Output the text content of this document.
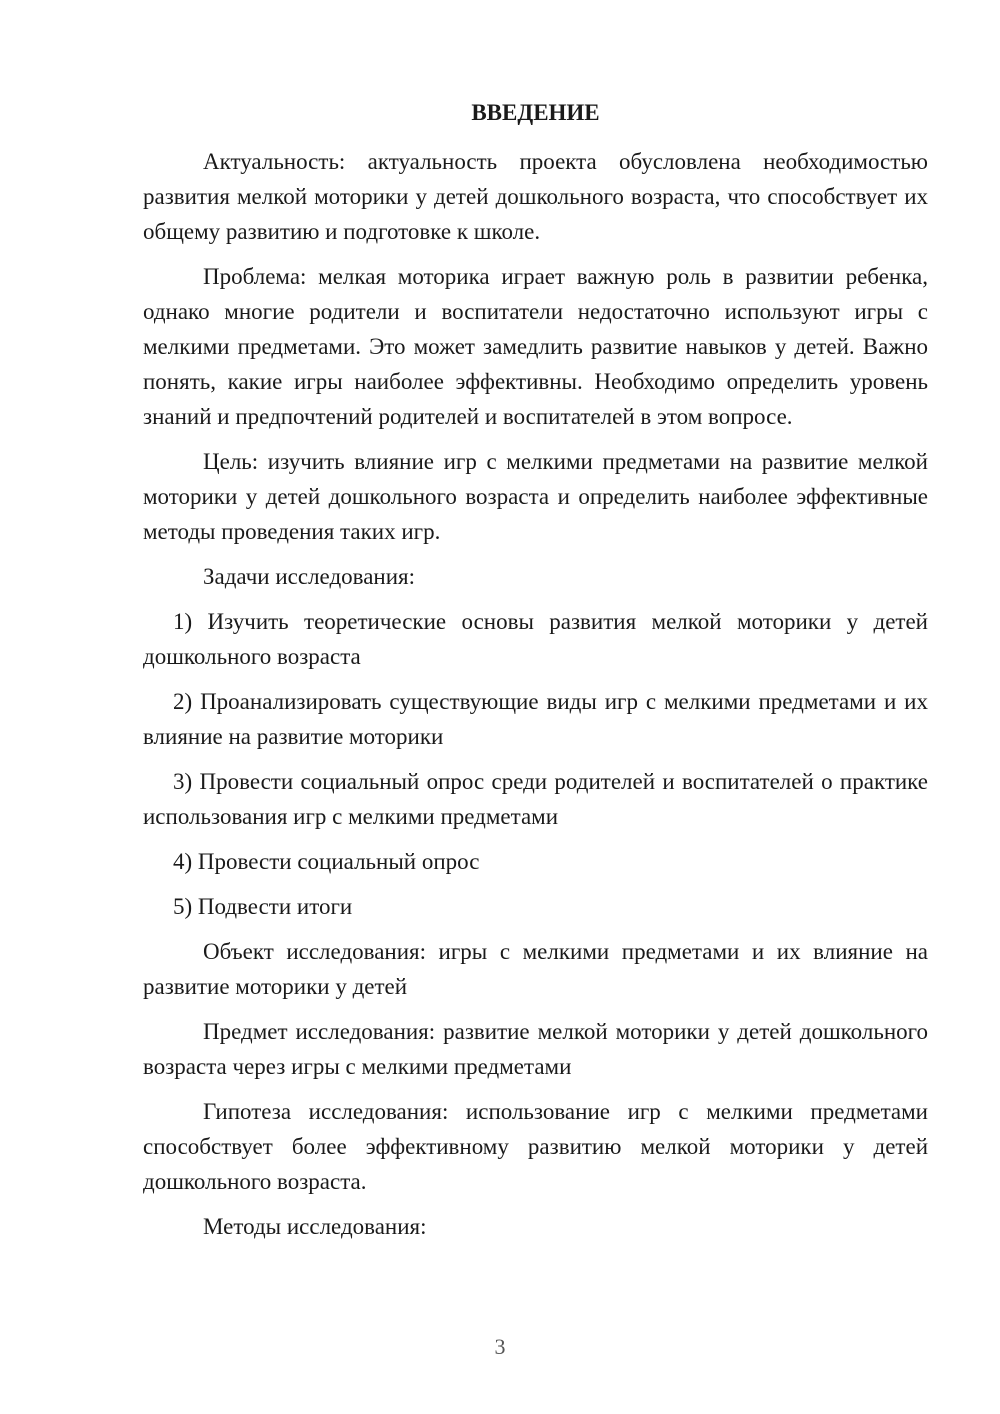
ВВЕДЕНИЕ

Актуальность: актуальность проекта обусловлена необходимостью развития мелкой моторики у детей дошкольного возраста, что способствует их общему развитию и подготовке к школе.

Проблема: мелкая моторика играет важную роль в развитии ребенка, однако многие родители и воспитатели недостаточно используют игры с мелкими предметами. Это может замедлить развитие навыков у детей. Важно понять, какие игры наиболее эффективны. Необходимо определить уровень знаний и предпочтений родителей и воспитателей в этом вопросе.

Цель: изучить влияние игр с мелкими предметами на развитие мелкой моторики у детей дошкольного возраста и определить наиболее эффективные методы проведения таких игр.

Задачи исследования:

1) Изучить теоретические основы развития мелкой моторики у детей дошкольного возраста

2) Проанализировать существующие виды игр с мелкими предметами и их влияние на развитие моторики

3) Провести социальный опрос среди родителей и воспитателей о практике использования игр с мелкими предметами

4) Провести социальный опрос

5) Подвести итоги

Объект исследования: игры с мелкими предметами и их влияние на развитие моторики у детей

Предмет исследования: развитие мелкой моторики у детей дошкольного возраста через игры с мелкими предметами

Гипотеза исследования: использование игр с мелкими предметами способствует более эффективному развитию мелкой моторики у детей дошкольного возраста.

Методы исследования:

3
